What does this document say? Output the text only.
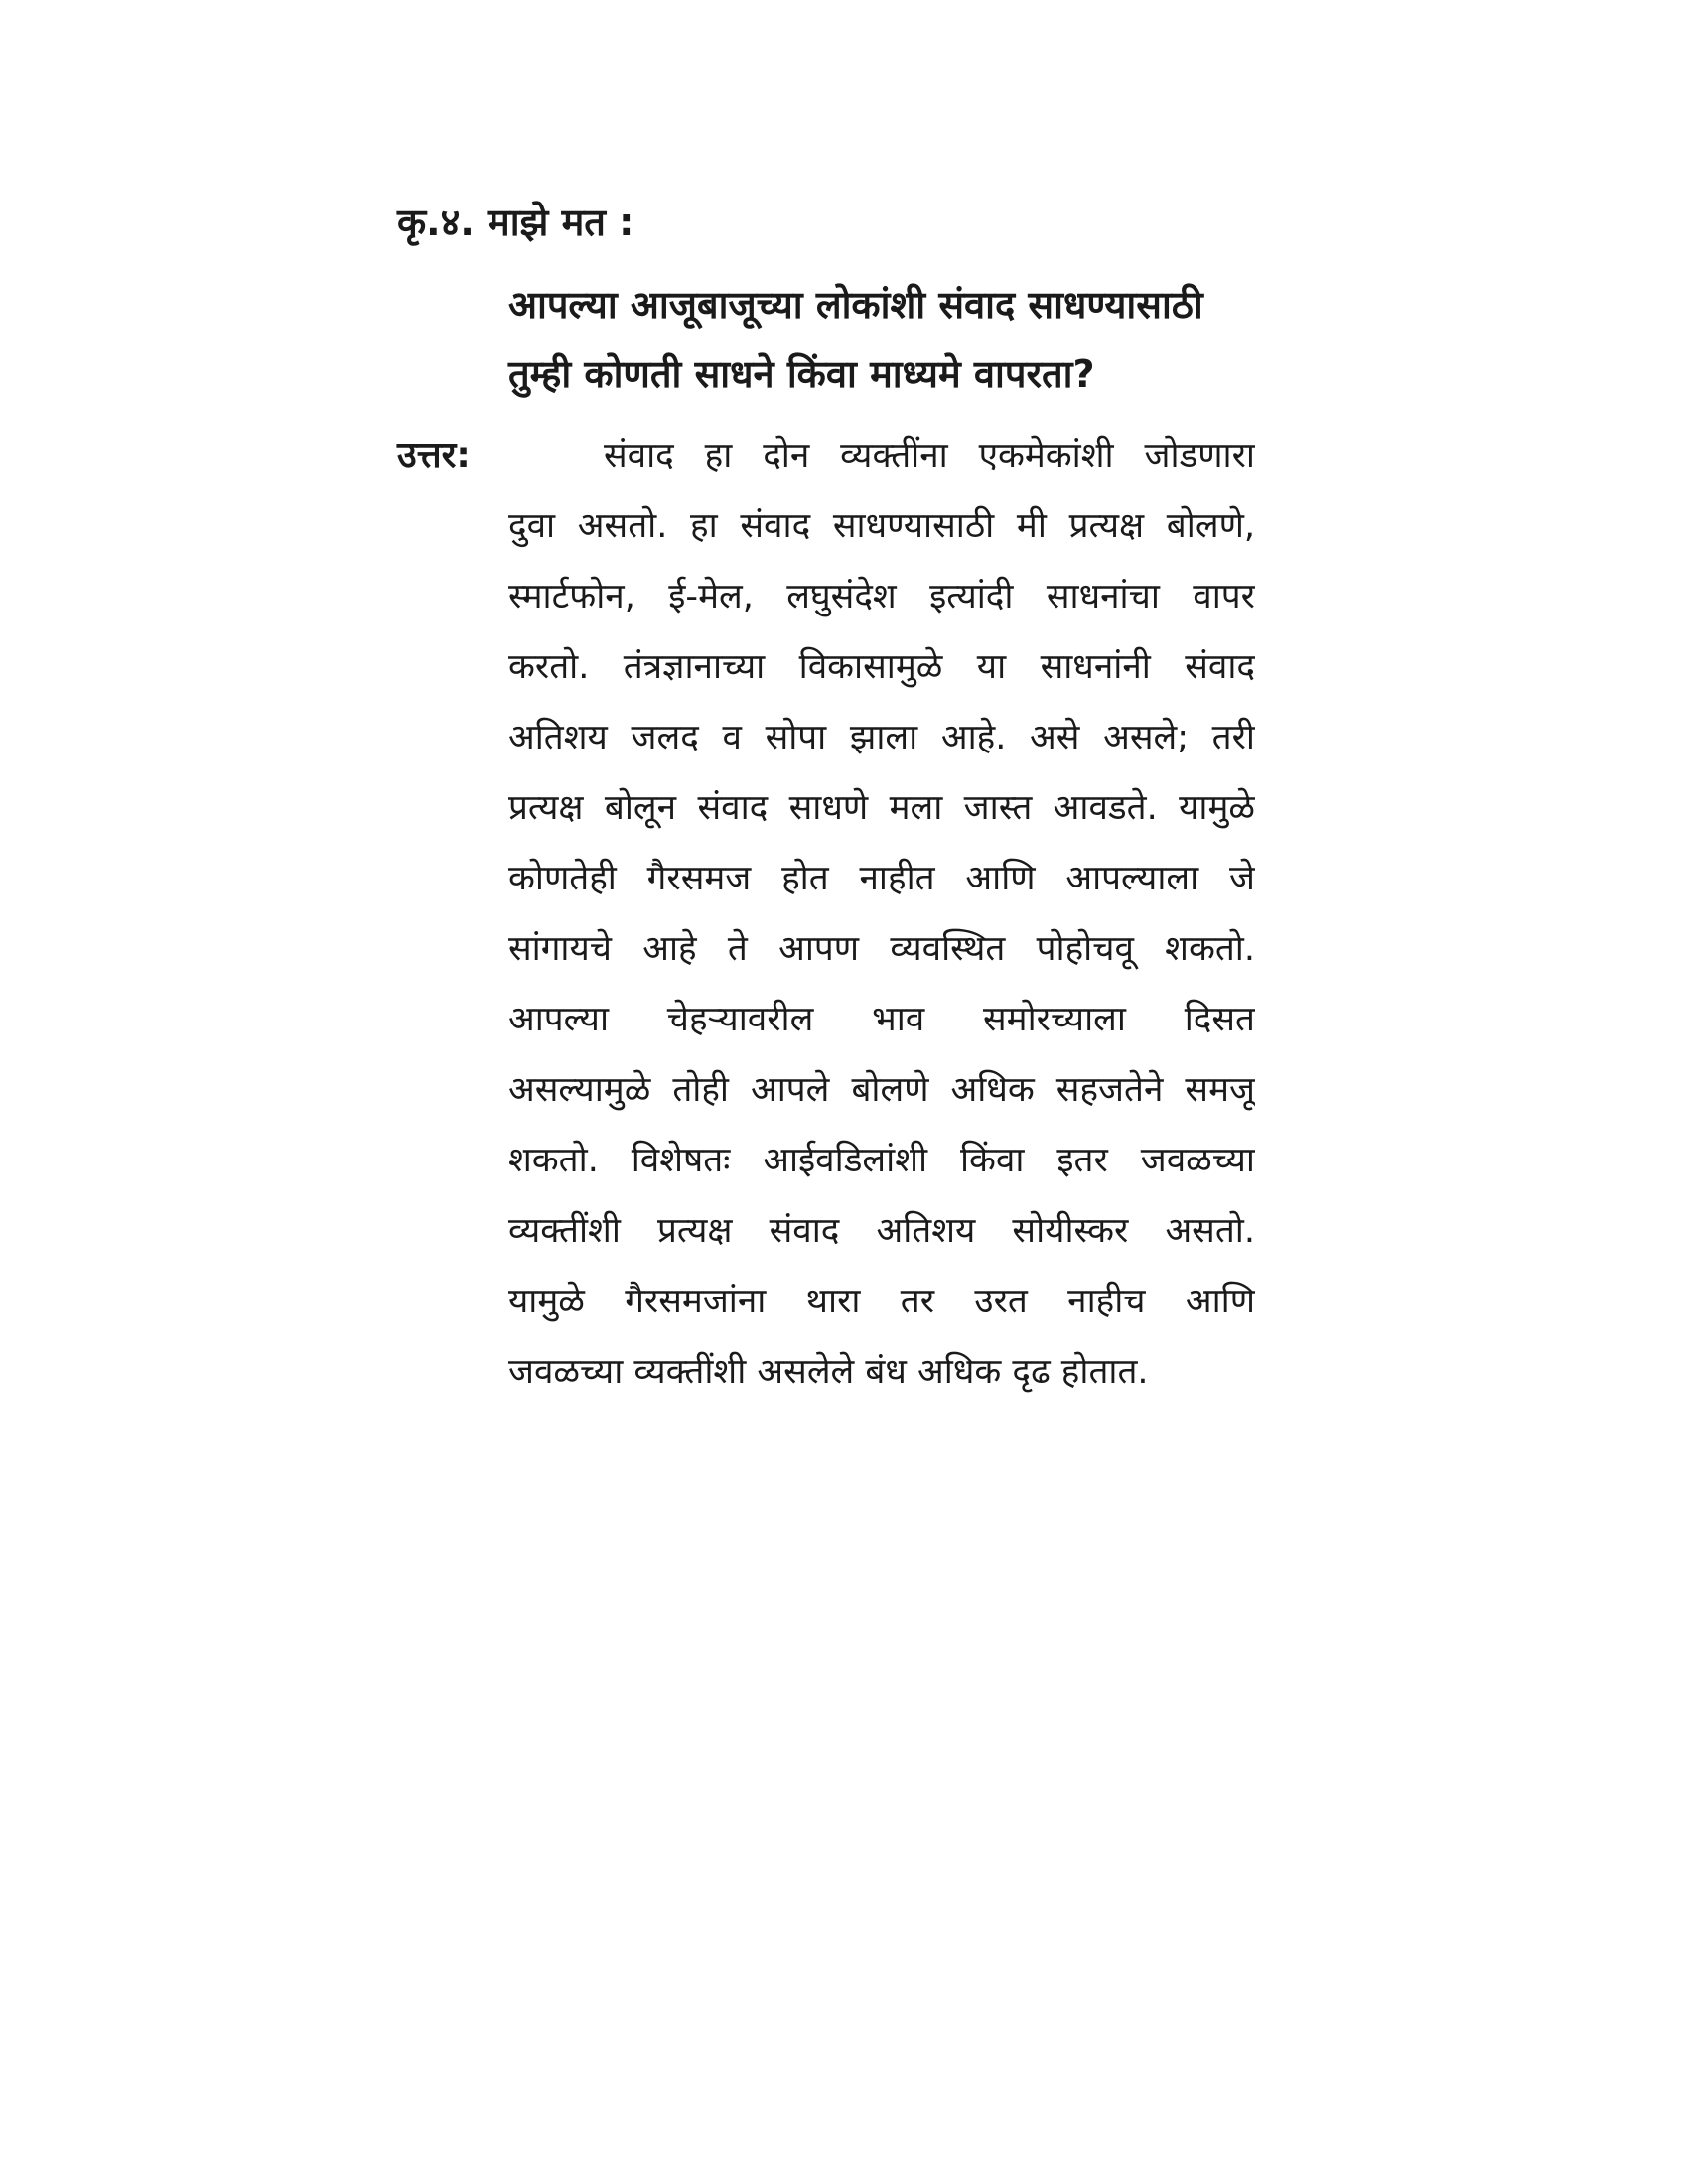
कृ.४. माझे मत :
आपल्या आजूबाजूच्या लोकांशी संवाद साधण्यासाठी
तुम्ही कोणती साधने किंवा माध्यमे वापरता?
उत्तर:	संवाद हा दोन व्यक्तींना एकमेकांशी जोडणारा
दुवा असतो. हा संवाद साधण्यासाठी मी प्रत्यक्ष बोलणे,
स्मार्टफोन, ई-मेल, लघुसंदेश इत्यांदी साधनांचा वापर
करतो. तंत्रज्ञानाच्या विकासामुळे या साधनांनी संवाद
अतिशय जलद व सोपा झाला आहे. असे असले; तरी
प्रत्यक्ष बोलून संवाद साधणे मला जास्त आवडते. यामुळे
कोणतेही गैरसमज होत नाहीत आणि आपल्याला जे
सांगायचे आहे ते आपण व्यवस्थित पोहोचवू शकतो.
आपल्या चेहऱ्यावरील भाव समोरच्याला दिसत
असल्यामुळे तोही आपले बोलणे अधिक सहजतेने समजू
शकतो. विशेषतः आईवडिलांशी किंवा इतर जवळच्या
व्यक्तींशी प्रत्यक्ष संवाद अतिशय सोयीस्कर असतो.
यामुळे गैरसमजांना थारा तर उरत नाहीच आणि
जवळच्या व्यक्तींशी असलेले बंध अधिक दृढ होतात.
